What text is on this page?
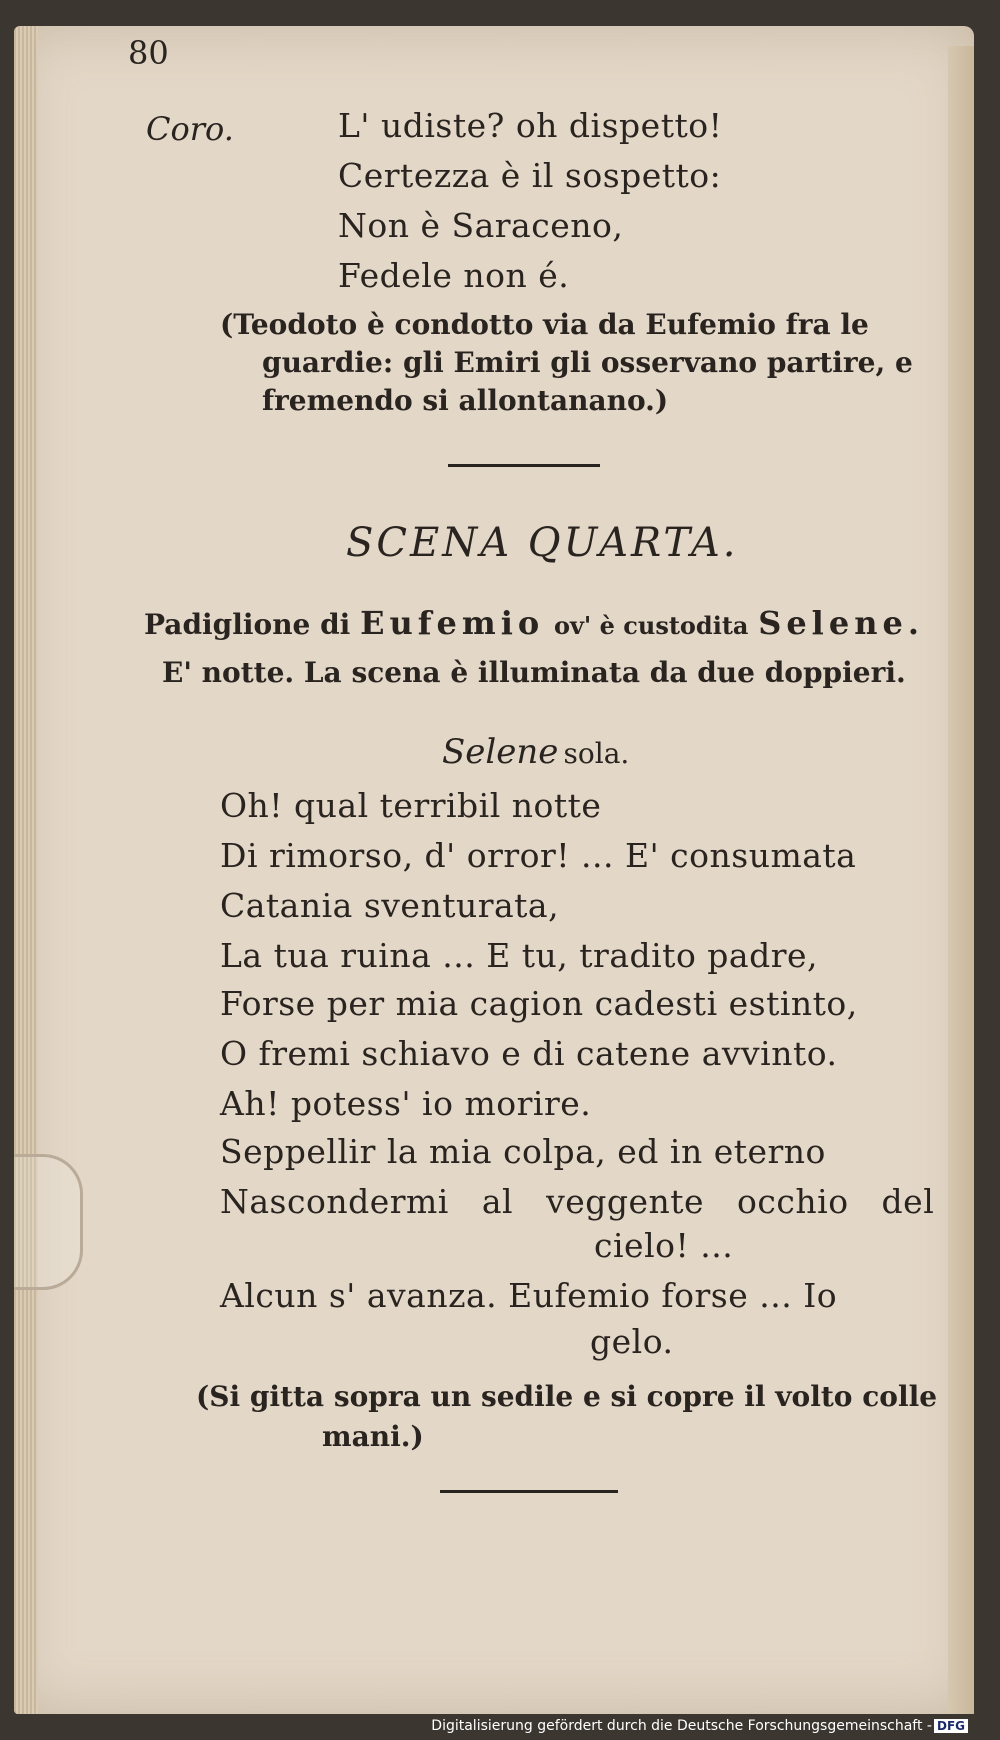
80
Coro.	L' udiste? oh dispetto!
Certezza è il sospetto:
Non è Saraceno,
Fedele non é.
(Teodoto è condotto via da Eufemio fra le
guardie: gli Emiri gli osservano partire, e
fremendo si allontanano.)
SCENA QUARTA.
Padiglione di Eufemio ov' è custodita Selene.
E' notte. La scena è illuminata da due doppieri.
Selene sola.
Oh! qual terribil notte
Di rimorso, d' orror! ... E' consumata
Catania sventurata,
La tua ruina ... E tu, tradito padre,
Forse per mia cagion cadesti estinto,
O fremi schiavo e di catene avvinto.
Ah! potess' io morire.
Seppellir la mia colpa, ed in eterno
Nascondermi al veggente occhio del
cielo! ...
Alcun s' avanza. Eufemio forse ... Io
gelo.
(Si gitta sopra un sedile e si copre il volto colle
mani.)
Digitalisierung gefördert durch die Deutsche Forschungsgemeinschaft - DFG
